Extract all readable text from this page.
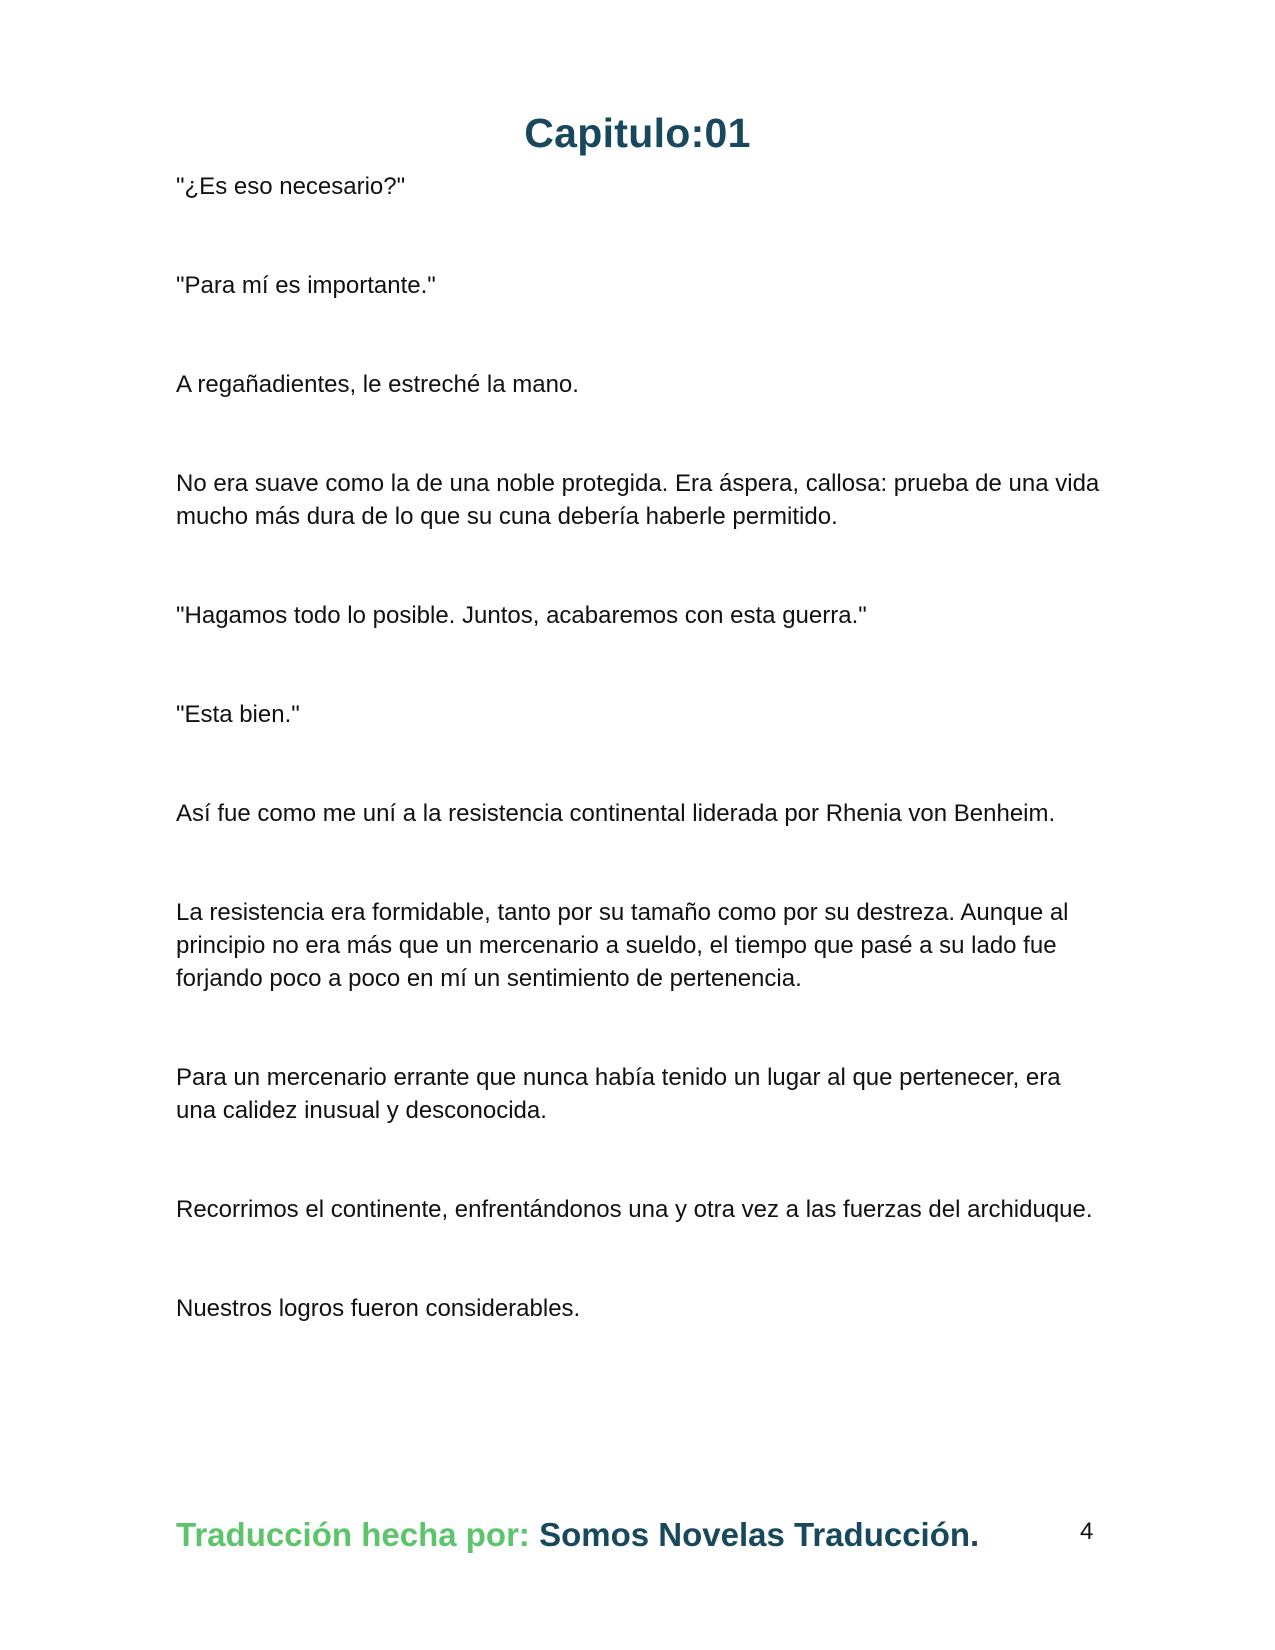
Capitulo:01

"¿Es eso necesario?"

"Para mí es importante."

A regañadientes, le estreché la mano.

No era suave como la de una noble protegida. Era áspera, callosa: prueba de una vida mucho más dura de lo que su cuna debería haberle permitido.

"Hagamos todo lo posible. Juntos, acabaremos con esta guerra."

"Esta bien."

Así fue como me uní a la resistencia continental liderada por Rhenia von Benheim.

La resistencia era formidable, tanto por su tamaño como por su destreza. Aunque al principio no era más que un mercenario a sueldo, el tiempo que pasé a su lado fue forjando poco a poco en mí un sentimiento de pertenencia.

Para un mercenario errante que nunca había tenido un lugar al que pertenecer, era una calidez inusual y desconocida.

Recorrimos el continente, enfrentándonos una y otra vez a las fuerzas del archiduque.

Nuestros logros fueron considerables.

Traducción hecha por: Somos Novelas Traducción.	4
